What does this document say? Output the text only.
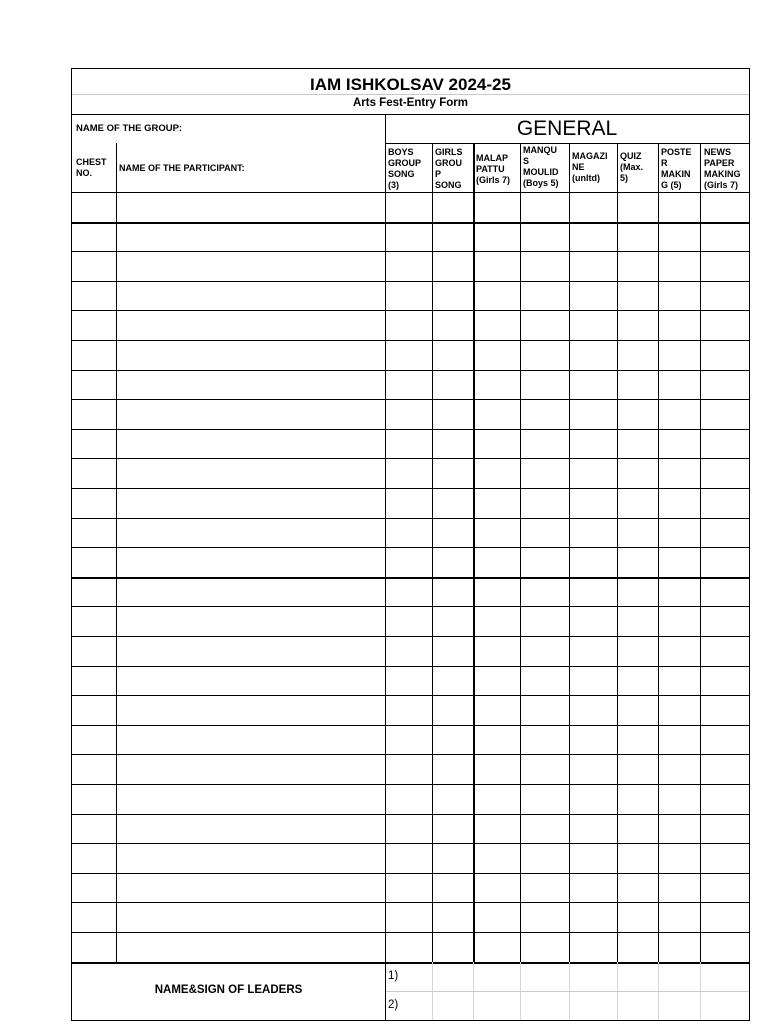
IAM ISHKOLSAV 2024-25
Arts Fest-Entry Form
NAME OF THE GROUP:	GENERAL
CHEST
NO.	NAME OF THE PARTICIPANT:
BOYS
GROUP
SONG
(3)
GIRLS
GROU
P
SONG
MALAP
PATTU
(Girls 7)
MANQU
S
MOULID
(Boys 5)
MAGAZI
NE
(unltd)
QUIZ
(Max.
5)
POSTE
R
MAKIN
G (5)
NEWS
PAPER
MAKING
(Girls 7)
NAME&SIGN OF LEADERS
1)
2)
